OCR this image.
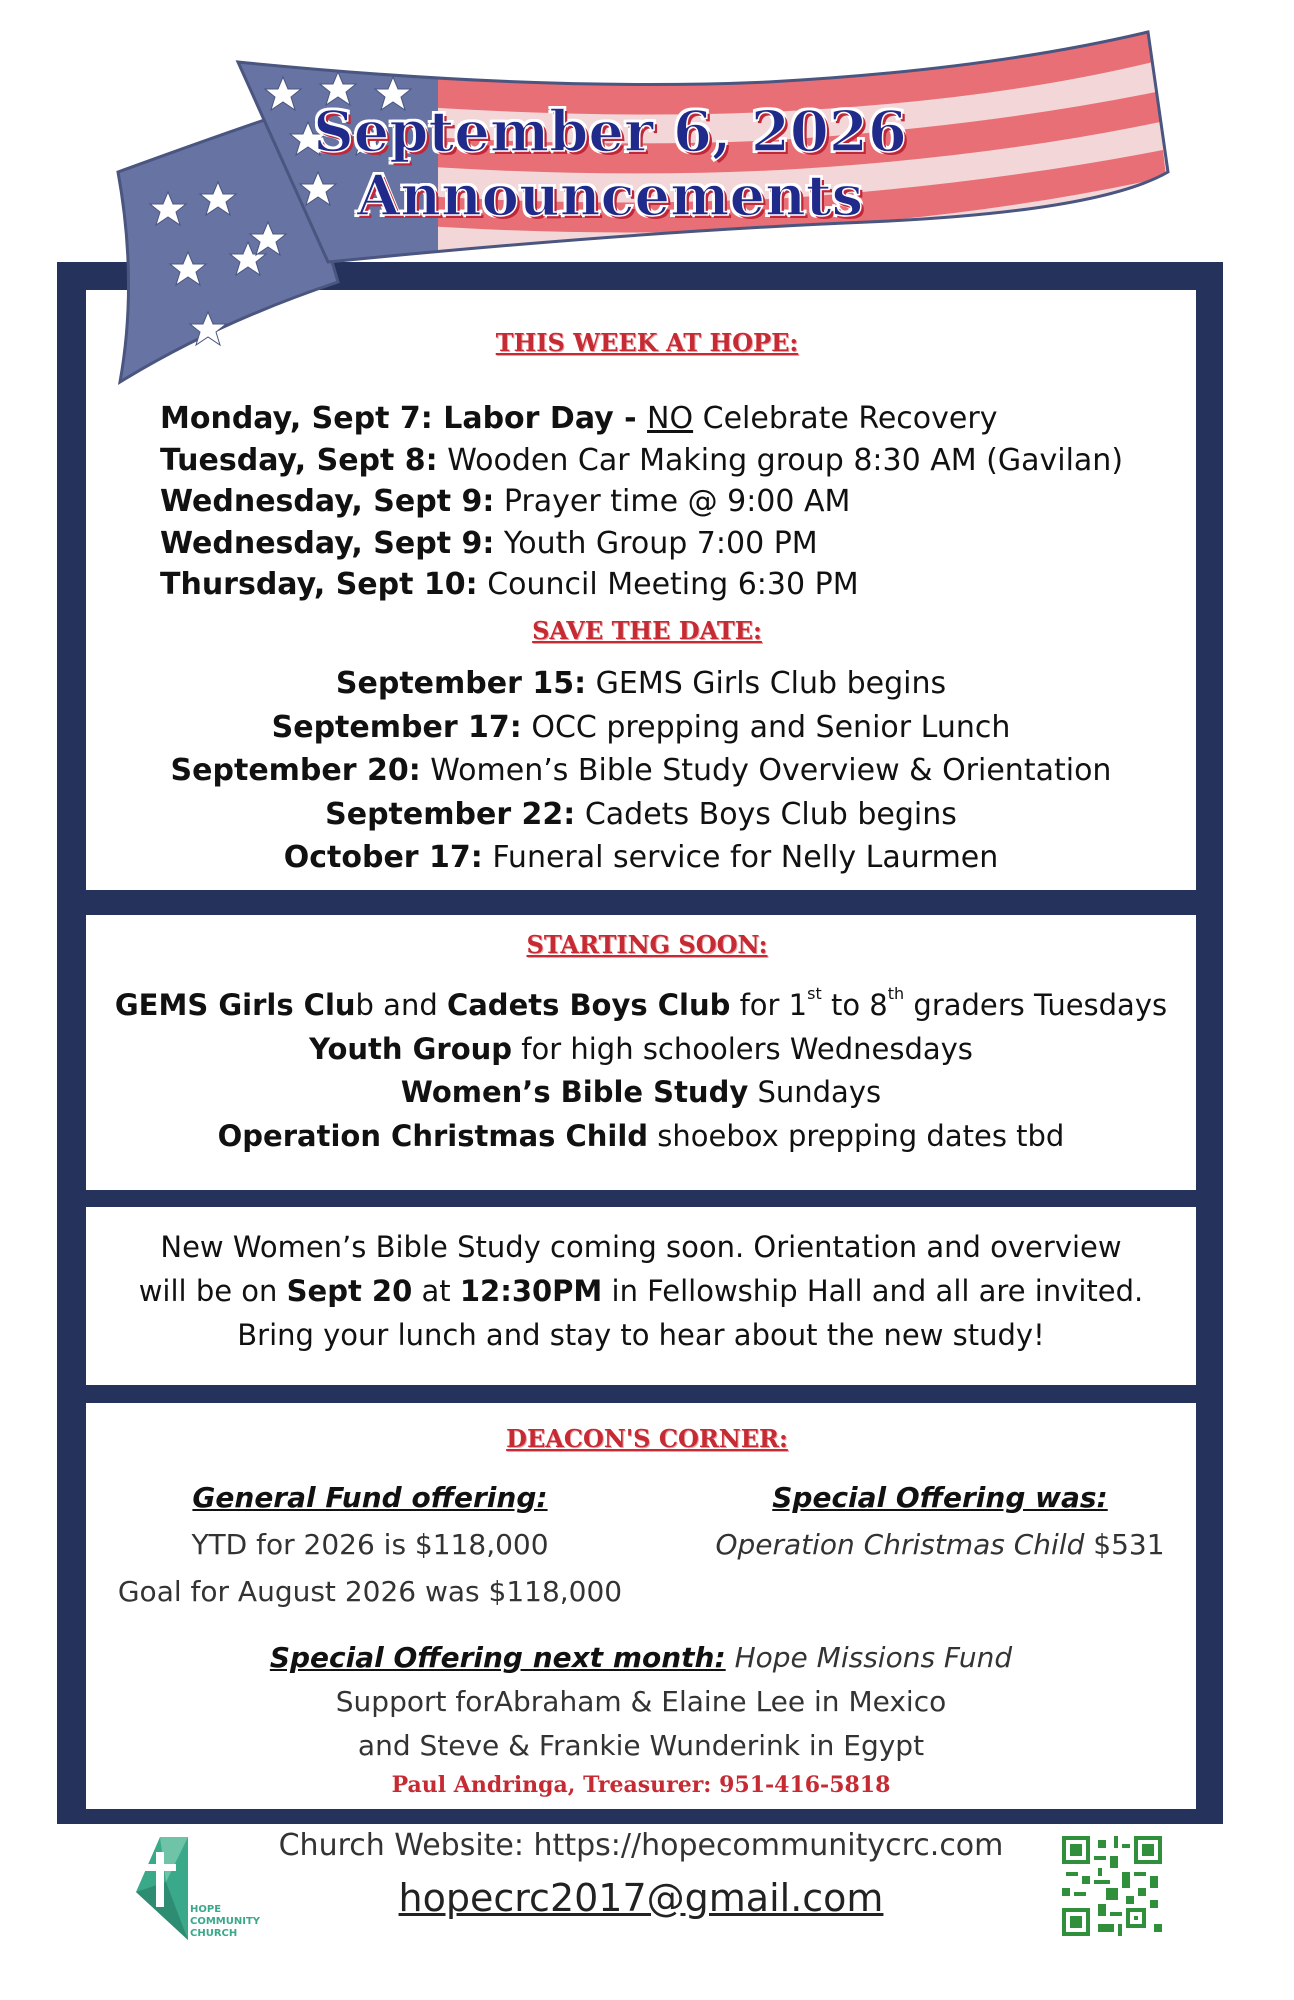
September 6, 2026
Announcements
THIS WEEK AT HOPE:
Monday, Sept 7: Labor Day - NO Celebrate Recovery
Tuesday, Sept 8: Wooden Car Making group 8:30 AM (Gavilan)
Wednesday, Sept 9: Prayer time @ 9:00 AM
Wednesday, Sept 9: Youth Group 7:00 PM
Thursday, Sept 10: Council Meeting 6:30 PM
SAVE THE DATE:
September 15: GEMS Girls Club begins
September 17: OCC prepping and Senior Lunch
September 20: Women’s Bible Study Overview & Orientation
September 22: Cadets Boys Club begins
October 17: Funeral service for Nelly Laurmen
STARTING SOON:
GEMS Girls Club and Cadets Boys Club for 1st to 8th graders Tuesdays
Youth Group for high schoolers Wednesdays
Women’s Bible Study Sundays
Operation Christmas Child shoebox prepping dates tbd
New Women’s Bible Study coming soon. Orientation and overview
will be on Sept 20 at 12:30PM in Fellowship Hall and all are invited.
Bring your lunch and stay to hear about the new study!
DEACON'S CORNER:
General Fund offering:
YTD for 2026 is $118,000
Goal for August 2026 was $118,000
Special Offering was:
Operation Christmas Child $531
Special Offering next month: Hope Missions Fund
Support forAbraham & Elaine Lee in Mexico
and Steve & Frankie Wunderink in Egypt
Paul Andringa, Treasurer: 951-416-5818
HOPE
COMMUNITY
CHURCH
Church Website: https://hopecommunitycrc.com
hopecrc2017@gmail.com
